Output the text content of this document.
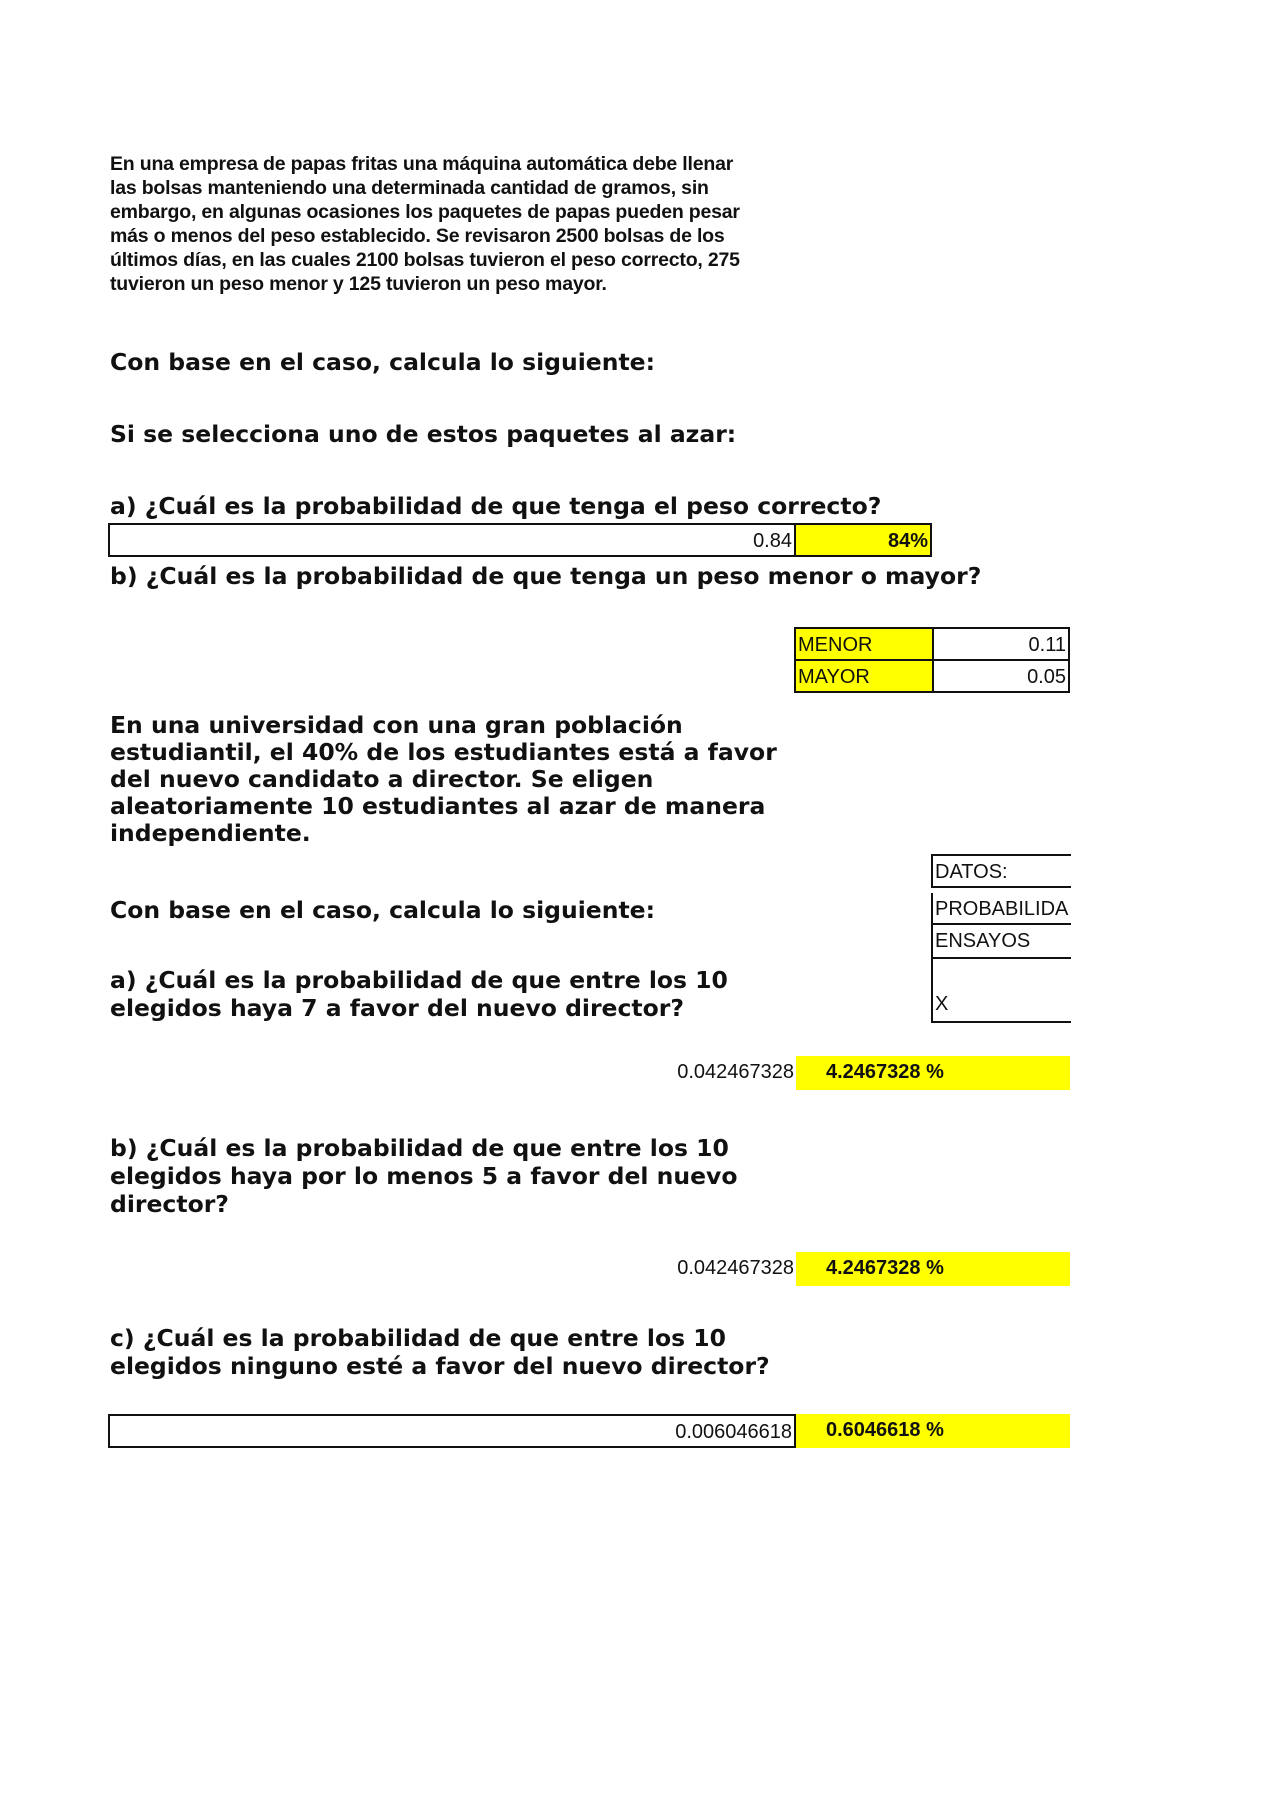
En una empresa de papas fritas una máquina automática debe llenar
las bolsas manteniendo una determinada cantidad de gramos, sin
embargo, en algunas ocasiones los paquetes de papas pueden pesar
más o menos del peso establecido. Se revisaron 2500 bolsas de los
últimos días, en las cuales 2100 bolsas tuvieron el peso correcto, 275
tuvieron un peso menor y 125 tuvieron un peso mayor.
Con base en el caso, calcula lo siguiente:
Si se selecciona uno de estos paquetes al azar:
a) ¿Cuál es la probabilidad de que tenga el peso correcto?
0.84	84%
b) ¿Cuál es la probabilidad de que tenga un peso menor o mayor?
MENOR	0.11
MAYOR	0.05
En una universidad con una gran población
estudiantil, el 40% de los estudiantes está a favor
del nuevo candidato a director. Se eligen
aleatoriamente 10 estudiantes al azar de manera
independiente.
DATOS:
PROBABILIDA
ENSAYOS
X
Con base en el caso, calcula lo siguiente:
a) ¿Cuál es la probabilidad de que entre los 10
elegidos haya 7 a favor del nuevo director?
0.042467328	4.2467328 %
b) ¿Cuál es la probabilidad de que entre los 10
elegidos haya por lo menos 5 a favor del nuevo
director?
0.042467328	4.2467328 %
c) ¿Cuál es la probabilidad de que entre los 10
elegidos ninguno esté a favor del nuevo director?
0.006046618	0.6046618 %
